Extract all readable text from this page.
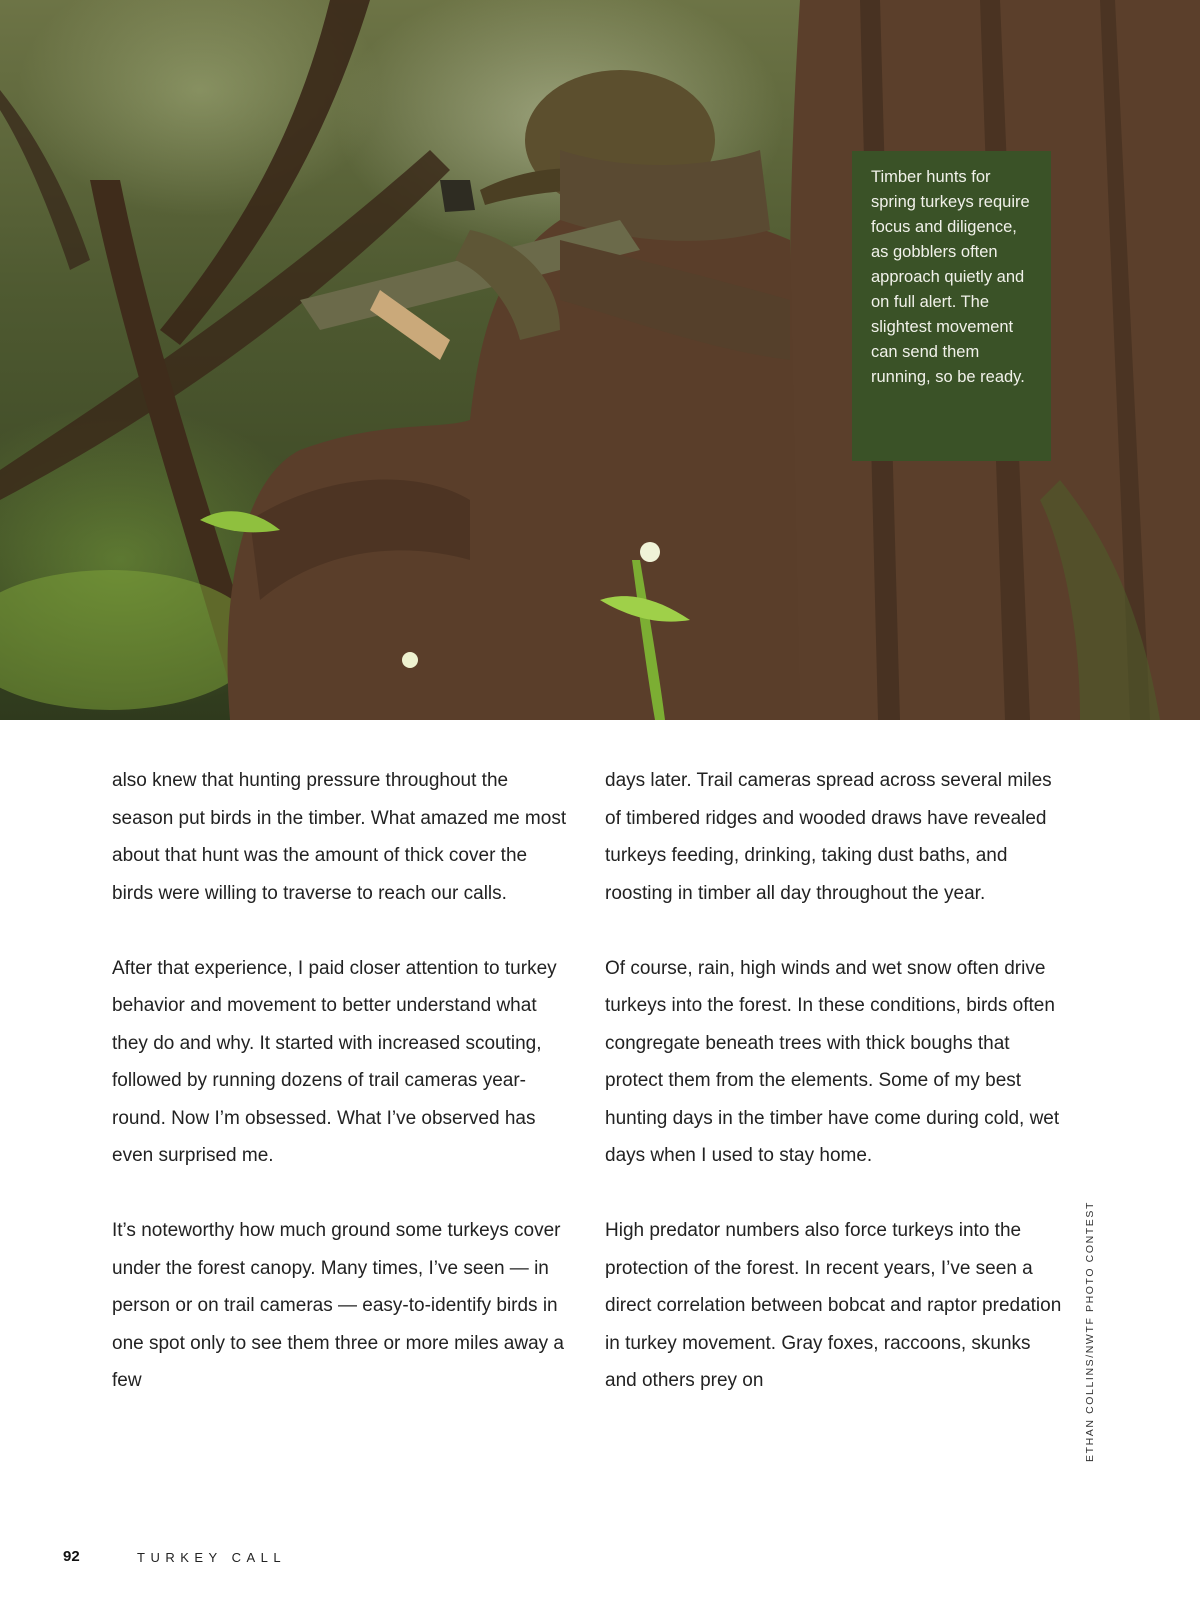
Timber hunts for spring turkeys require focus and diligence, as gobblers often approach quietly and on full alert. The slightest movement can send them running, so be ready.

also knew that hunting pressure throughout the season put birds in the timber. What amazed me most about that hunt was the amount of thick cover the birds were willing to traverse to reach our calls.

After that experience, I paid closer attention to turkey behavior and movement to better understand what they do and why. It started with increased scouting, followed by running dozens of trail cameras year-round. Now I’m obsessed. What I’ve observed has even surprised me.

It’s noteworthy how much ground some turkeys cover under the forest canopy. Many times, I’ve seen — in person or on trail cameras — easy-to-identify birds in one spot only to see them three or more miles away a few

days later. Trail cameras spread across several miles of timbered ridges and wooded draws have revealed turkeys feeding, drinking, taking dust baths, and roosting in timber all day throughout the year.

Of course, rain, high winds and wet snow often drive turkeys into the forest. In these conditions, birds often congregate beneath trees with thick boughs that protect them from the elements. Some of my best hunting days in the timber have come during cold, wet days when I used to stay home.

High predator numbers also force turkeys into the protection of the forest. In recent years, I’ve seen a direct correlation between bobcat and raptor predation in turkey movement. Gray foxes, raccoons, skunks and others prey on	ETHAN COLLINS/NWTF PHOTO CONTEST
92	TURKEY CALL
